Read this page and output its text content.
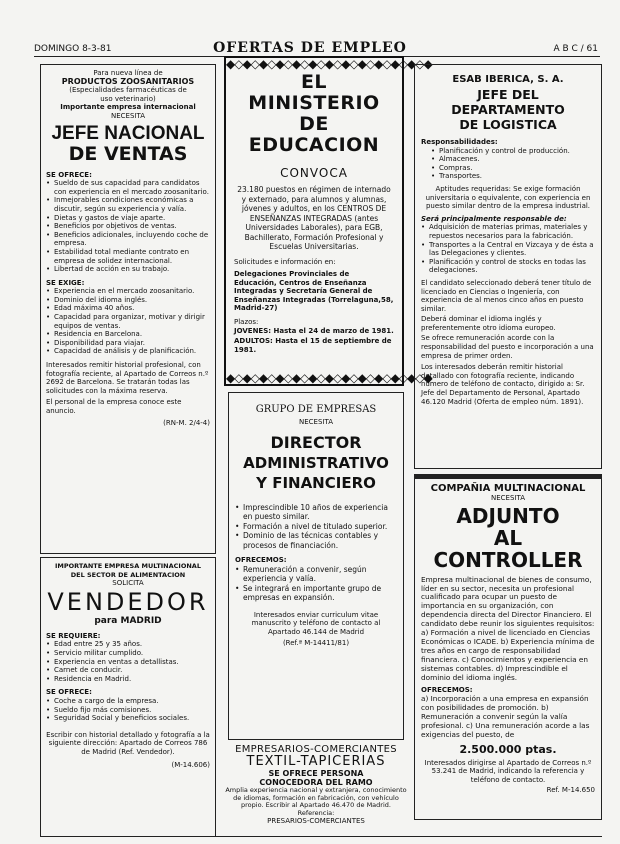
DOMINGO 8-3-81	OFERTAS DE EMPLEO	A B C / 61
Para nueva línea de
PRODUCTOS ZOOSANITARIOS
(Especialidades farmacéuticas de
uso veterinario)
Importante empresa internacional
NECESITA
JEFE NACIONAL
DE VENTAS
SE OFRECE:
• Sueldo de sus capacidad para candidatos con experiencia en el mercado zoosanitario.
• Inmejorables condiciones económicas a discutir, según su experiencia y valía.
• Dietas y gastos de viaje aparte.
• Beneficios por objetivos de ventas.
• Beneficios adicionales, incluyendo coche de empresa.
• Estabilidad total mediante contrato en empresa de solidez internacional.
• Libertad de acción en su trabajo.
SE EXIGE:
• Experiencia en el mercado zoosanitario.
• Dominio del idioma inglés.
• Edad máxima 40 años.
• Capacidad para organizar, motivar y dirigir equipos de ventas.
• Residencia en Barcelona.
• Disponibilidad para viajar.
• Capacidad de análisis y de planificación.
Interesados remitir historial profesional, con fotografía reciente, al Apartado de Correos n.º 2692 de Barcelona. Se tratarán todas las solicitudes con la máxima reserva.
El personal de la empresa conoce este anuncio.
(RN-M. 2/4-4)
IMPORTANTE EMPRESA MULTINACIONAL
DEL SECTOR DE ALIMENTACION
SOLICITA
VENDEDOR
para MADRID
SE REQUIERE:
• Edad entre 25 y 35 años.
• Servicio militar cumplido.
• Experiencia en ventas a detallistas.
• Carnet de conducir.
• Residencia en Madrid.
SE OFRECE:
• Coche a cargo de la empresa.
• Sueldo fijo más comisiones.
• Seguridad Social y beneficios sociales.
Escribir con historial detallado y fotografía a la siguiente dirección: Apartado de Correos 786 de Madrid (Ref. Vendedor).
(M-14.606)
◆◇◆◇◆◇◆◇◆◇◆◇◆◇◆◇◆◇◆◇◆◇◆◇◆
EL MINISTERIO
DE EDUCACION
CONVOCA
23.180 puestos en régimen de internado y externado, para alumnos y alumnas, jóvenes y adultos, en los CENTROS DE ENSEÑANZAS INTEGRADAS (antes Universidades Laborales), para EGB, Bachillerato, Formación Profesional y Escuelas Universitarias.
Solicitudes e información en:
Delegaciones Provinciales de Educación, Centros de Enseñanza Integradas y Secretaría General de Enseñanzas Integradas (Torrelaguna,58, Madrid-27)
Plazos:
JOVENES: Hasta el 24 de marzo de 1981.
ADULTOS: Hasta el 15 de septiembre de 1981.
◆◇◆◇◆◇◆◇◆◇◆◇◆◇◆◇◆◇◆◇◆◇◆◇◆
GRUPO DE EMPRESAS
NECESITA
DIRECTOR
ADMINISTRATIVO
Y FINANCIERO
• Imprescindible 10 años de experiencia en puesto similar.
• Formación a nivel de titulado superior.
• Dominio de las técnicas contables y procesos de financiación.
OFRECEMOS:
• Remuneración a convenir, según experiencia y valía.
• Se integrará en importante grupo de empresas en expansión.
Interesados enviar curriculum vitae manuscrito y teléfono de contacto al Apartado 46.144 de Madrid
(Ref.ª M-14411/81)
EMPRESARIOS-COMERCIANTES
TEXTIL-TAPICERIAS
SE OFRECE PERSONA
CONOCEDORA DEL RAMO
Amplia experiencia nacional y extranjera, conocimiento de idiomas, formación en fabricación, con vehículo propio. Escribir al Apartado 46.470 de Madrid. Referencia:
PRESARIOS-COMERCIANTES
ESAB IBERICA, S. A.
JEFE DEL DEPARTAMENTO
DE LOGISTICA
Responsabilidades:
• Planificación y control de producción.
• Almacenes.
• Compras.
• Transportes.
Aptitudes requeridas: Se exige formación universitaria o equivalente, con experiencia en puesto similar dentro de la empresa industrial.
Será principalmente responsable de:
• Adquisición de materias primas, materiales y repuestos necesarios para la fabricación.
• Transportes a la Central en Vizcaya y de ésta a las Delegaciones y clientes.
• Planificación y control de stocks en todas las delegaciones.
El candidato seleccionado deberá tener título de licenciado en Ciencias o Ingeniería, con experiencia de al menos cinco años en puesto similar.
Deberá dominar el idioma inglés y preferentemente otro idioma europeo.
Se ofrece remuneración acorde con la responsabilidad del puesto e incorporación a una empresa de primer orden.
Los interesados deberán remitir historial detallado con fotografía reciente, indicando número de teléfono de contacto, dirigido a: Sr. Jefe del Departamento de Personal, Apartado 46.120 Madrid (Oferta de empleo núm. 1891).
COMPAÑIA MULTINACIONAL
NECESITA
ADJUNTO
AL CONTROLLER
Empresa multinacional de bienes de consumo, líder en su sector, necesita un profesional cualificado para ocupar un puesto de importancia en su organización, con dependencia directa del Director Financiero. El candidato debe reunir los siguientes requisitos: a) Formación a nivel de licenciado en Ciencias Económicas o ICADE. b) Experiencia mínima de tres años en cargo de responsabilidad financiera. c) Conocimientos y experiencia en sistemas contables. d) Imprescindible el dominio del idioma inglés.
OFRECEMOS:
a) Incorporación a una empresa en expansión con posibilidades de promoción. b) Remuneración a convenir según la valía profesional. c) Una remuneración acorde a las exigencias del puesto, de
2.500.000 ptas.
Interesados dirigirse al Apartado de Correos n.º 53.241 de Madrid, indicando la referencia y teléfono de contacto.
Ref. M-14.650
